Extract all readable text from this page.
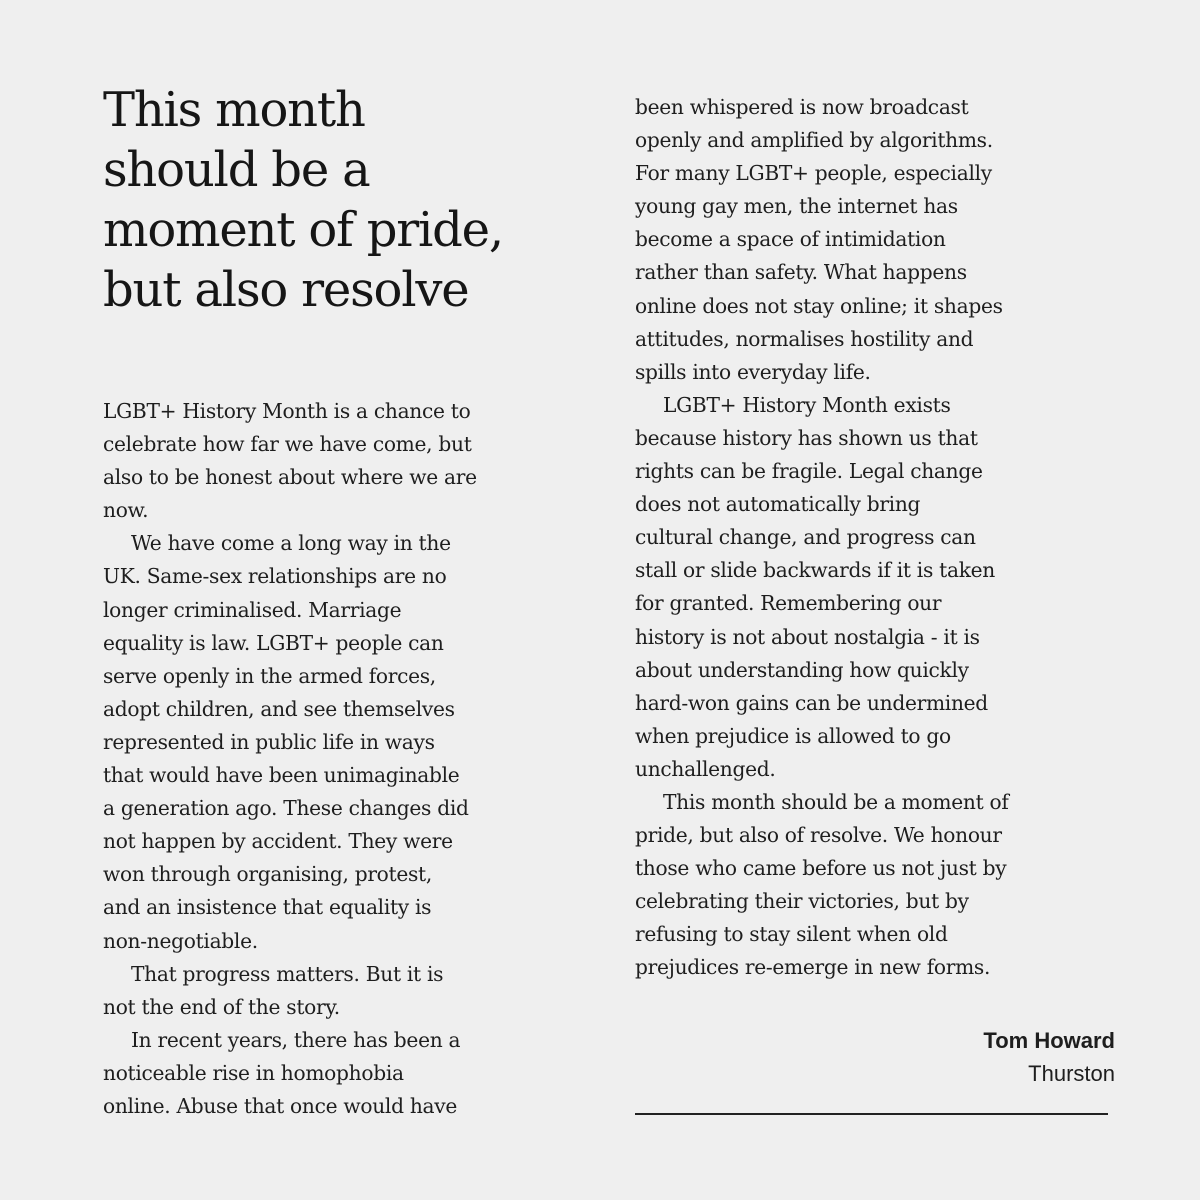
This month
should be a
moment of pride,
but also resolve
LGBT+ History Month is a chance to
celebrate how far we have come, but
also to be honest about where we are
now.
We have come a long way in the
UK. Same-sex relationships are no
longer criminalised. Marriage
equality is law. LGBT+ people can
serve openly in the armed forces,
adopt children, and see themselves
represented in public life in ways
that would have been unimaginable
a generation ago. These changes did
not happen by accident. They were
won through organising, protest,
and an insistence that equality is
non-negotiable.
That progress matters. But it is
not the end of the story.
In recent years, there has been a
noticeable rise in homophobia
online. Abuse that once would have
been whispered is now broadcast
openly and amplified by algorithms.
For many LGBT+ people, especially
young gay men, the internet has
become a space of intimidation
rather than safety. What happens
online does not stay online; it shapes
attitudes, normalises hostility and
spills into everyday life.
LGBT+ History Month exists
because history has shown us that
rights can be fragile. Legal change
does not automatically bring
cultural change, and progress can
stall or slide backwards if it is taken
for granted. Remembering our
history is not about nostalgia - it is
about understanding how quickly
hard-won gains can be undermined
when prejudice is allowed to go
unchallenged.
This month should be a moment of
pride, but also of resolve. We honour
those who came before us not just by
celebrating their victories, but by
refusing to stay silent when old
prejudices re-emerge in new forms.
Tom Howard
Thurston
